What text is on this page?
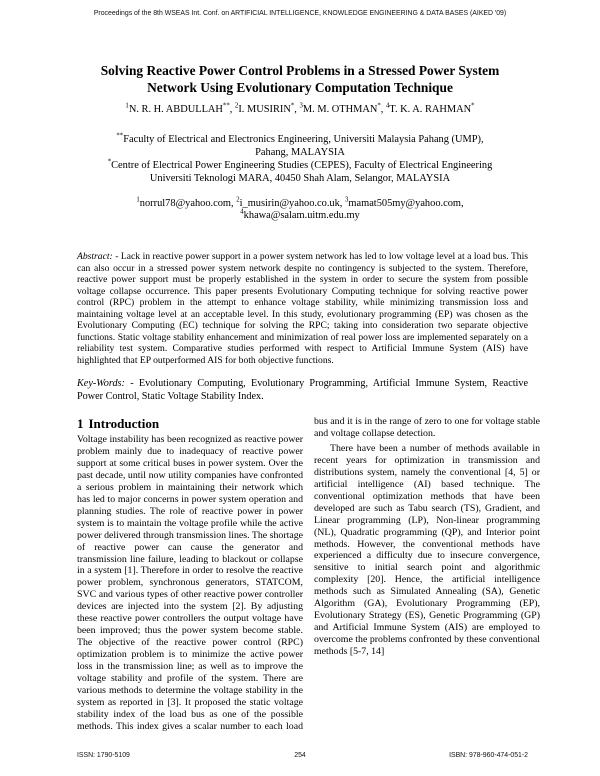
Proceedings of the 8th WSEAS Int. Conf. on ARTIFICIAL INTELLIGENCE, KNOWLEDGE ENGINEERING & DATA BASES (AIKED '09)
Solving Reactive Power Control Problems in a Stressed Power System
Network Using Evolutionary Computation Technique
$^1$N. R. H. ABDULLAH**, $^2$I. MUSIRIN*, $^3$M. M. OTHMAN*, $^4$T. K. A. RAHMAN*
**Faculty of Electrical and Electronics Engineering, Universiti Malaysia Pahang (UMP),
Pahang, MALAYSIA
*Centre of Electrical Power Engineering Studies (CEPES), Faculty of Electrical Engineering
Universiti Teknologi MARA, 40450 Shah Alam, Selangor, MALAYSIA
$^1$norrul78@yahoo.com, $^2$i_musirin@yahoo.co.uk, $^3$mamat505my@yahoo.com,
$^4$khawa@salam.uitm.edu.my
Abstract: - Lack in reactive power support in a power system network has led to low voltage level at a load bus. This can also occur in a stressed power system network despite no contingency is subjected to the system. Therefore, reactive power support must be properly established in the system in order to secure the system from possible voltage collapse occurrence. This paper presents Evolutionary Computing technique for solving reactive power control (RPC) problem in the attempt to enhance voltage stability, while minimizing transmission loss and maintaining voltage level at an acceptable level. In this study, evolutionary programming (EP) was chosen as the Evolutionary Computing (EC) technique for solving the RPC; taking into consideration two separate objective functions. Static voltage stability enhancement and minimization of real power loss are implemented separately on a reliability test system. Comparative studies performed with respect to Artificial Immune System (AIS) have highlighted that EP outperformed AIS for both objective functions.
Key-Words: - Evolutionary Computing, Evolutionary Programming, Artificial Immune System, Reactive Power Control, Static Voltage Stability Index.
1 Introduction

Voltage instability has been recognized as reactive power problem mainly due to inadequacy of reactive power support at some critical buses in power system. Over the past decade, until now utility companies have confronted a serious problem in maintaining their network which has led to major concerns in power system operation and planning studies. The role of reactive power in power system is to maintain the voltage profile while the active power delivered through transmission lines. The shortage of reactive power can cause the generator and transmission line failure, leading to blackout or collapse in a system [1]. Therefore in order to resolve the reactive power problem, synchronous generators, STATCOM, SVC and various types of other reactive power controller devices are injected into the system [2]. By adjusting these reactive power controllers the output voltage have been improved; thus the power system become stable. The objective of the reactive power control (RPC) optimization problem is to minimize the active power loss in the transmission line; as well as to improve the voltage stability and profile of the system. There are various methods to determine the voltage stability in the system as reported in [3]. It proposed the static voltage stability index of the load bus as one of the possible methods. This index gives a scalar number to each load

bus and it is in the range of zero to one for voltage stable and voltage collapse detection.

There have been a number of methods available in recent years for optimization in transmission and distributions system, namely the conventional [4, 5] or artificial intelligence (AI) based technique. The conventional optimization methods that have been developed are such as Tabu search (TS), Gradient, and Linear programming (LP), Non-linear programming (NL), Quadratic programming (QP), and Interior point methods. However, the conventional methods have experienced a difficulty due to insecure convergence, sensitive to initial search point and algorithmic complexity [20]. Hence, the artificial intelligence methods such as Simulated Annealing (SA), Genetic Algorithm (GA), Evolutionary Programming (EP), Evolutionary Strategy (ES), Genetic Programming (GP) and Artificial Immune System (AIS) are employed to overcome the problems confronted by these conventional methods [5-7, 14]

ISSN: 1790-5109	254	ISBN: 978-960-474-051-2
